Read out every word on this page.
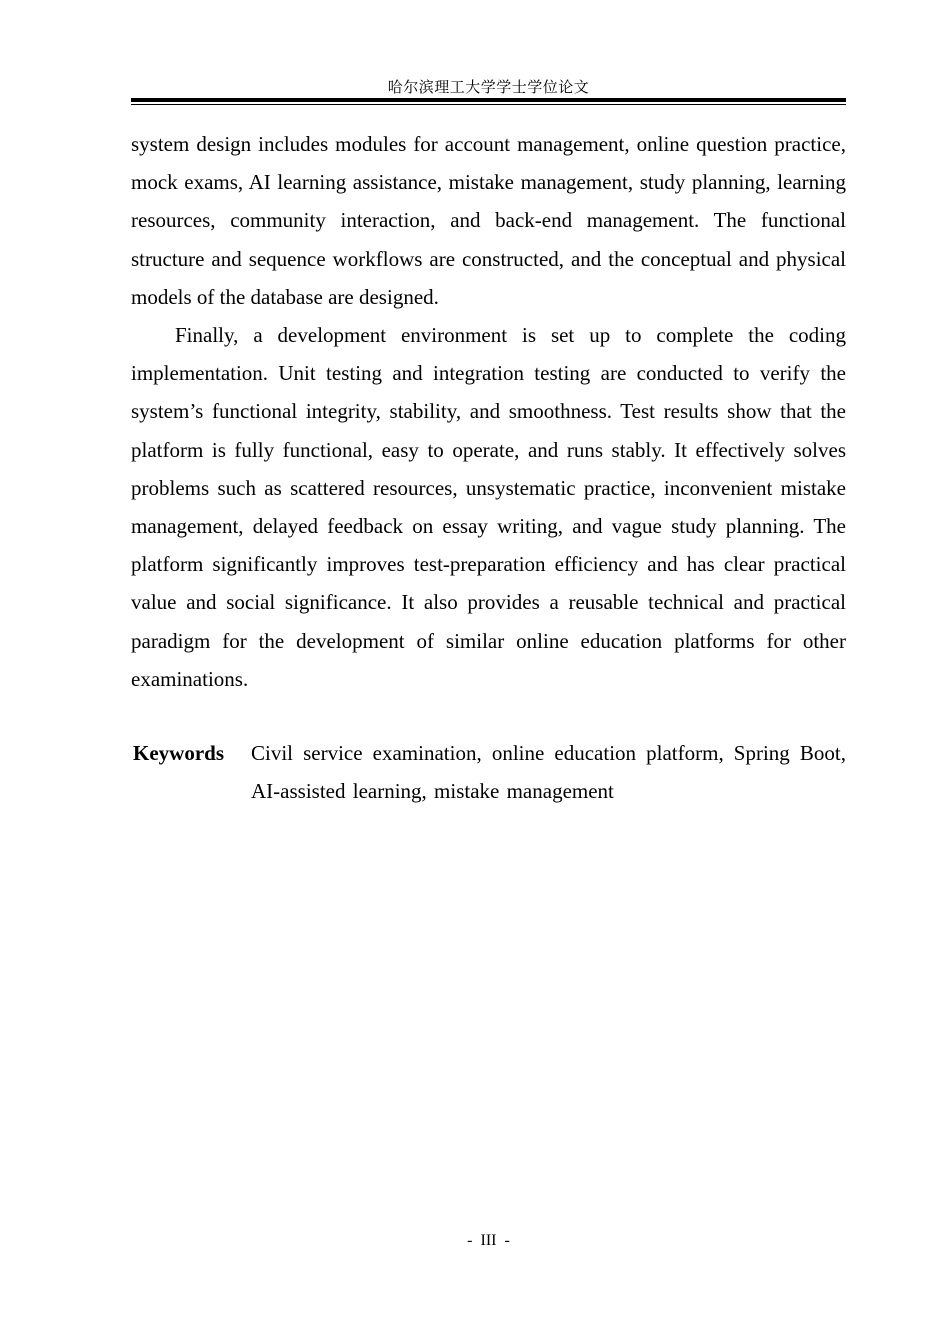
哈尔滨理工大学学士学位论文

system design includes modules for account management, online question practice, mock exams, AI learning assistance, mistake management, study planning, learning resources, community interaction, and back-end management. The functional structure and sequence workflows are constructed, and the conceptual and physical models of the database are designed.

Finally, a development environment is set up to complete the coding implementation. Unit testing and integration testing are conducted to verify the system’s functional integrity, stability, and smoothness. Test results show that the platform is fully functional, easy to operate, and runs stably. It effectively solves problems such as scattered resources, unsystematic practice, inconvenient mistake management, delayed feedback on essay writing, and vague study planning. The platform significantly improves test-preparation efficiency and has clear practical value and social significance. It also provides a reusable technical and practical paradigm for the development of similar online education platforms for other examinations.

Keywords	Civil service examination, online education platform, Spring Boot, AI-assisted learning, mistake management
-  III  -
